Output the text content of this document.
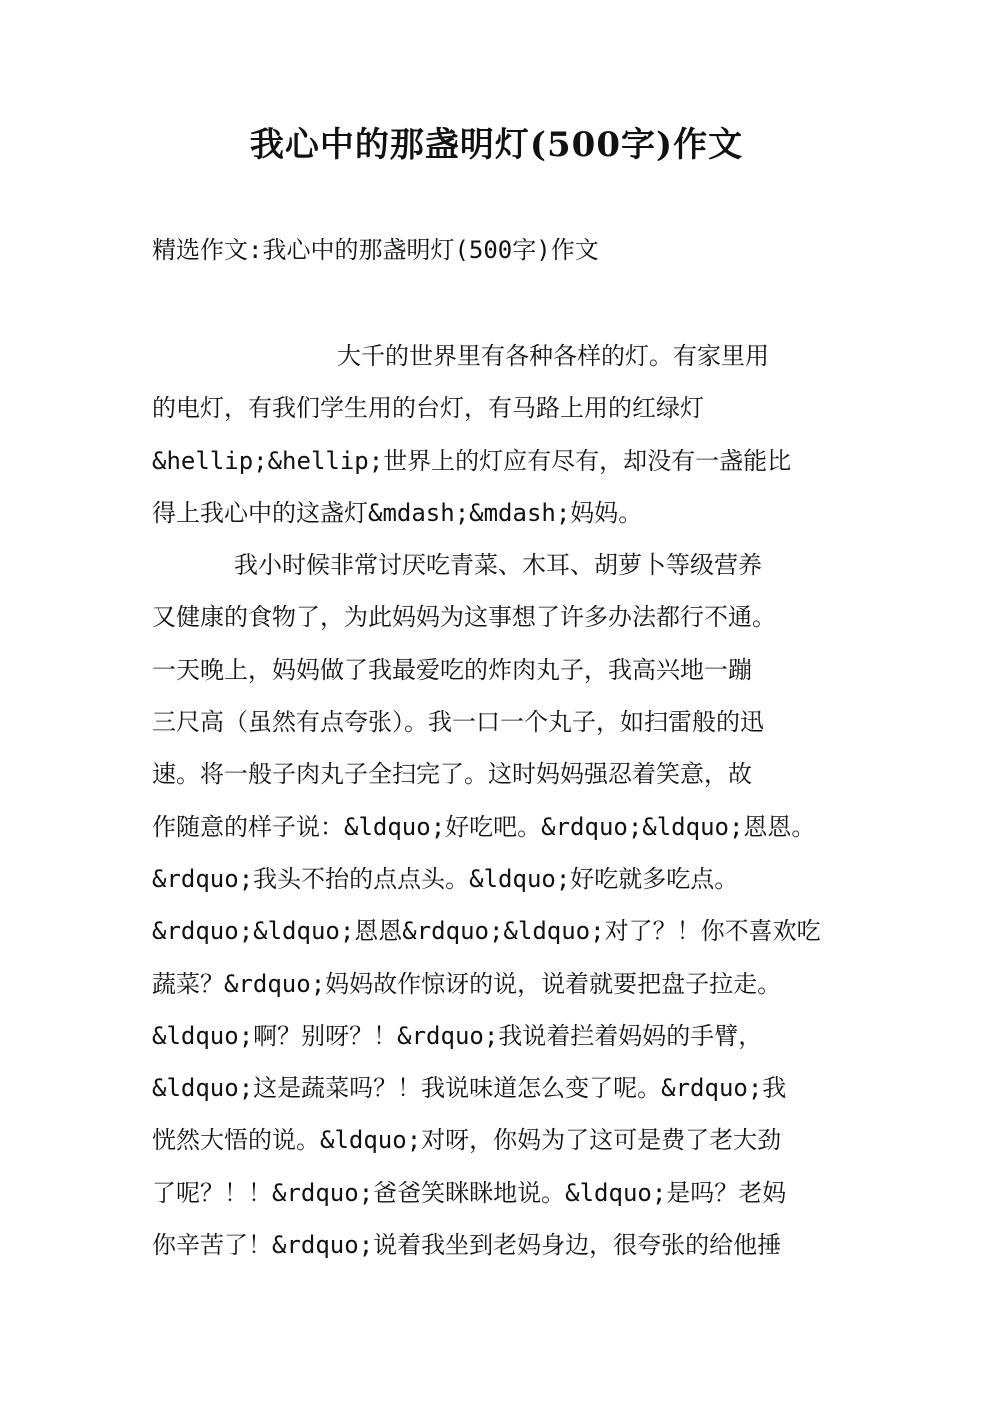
我心中的那盏明灯(500字)作文

精选作文:我心中的那盏明灯(500字)作文

大千的世界里有各种各样的灯。有家里用
的电灯，有我们学生用的台灯，有马路上用的红绿灯
&hellip;&hellip;世界上的灯应有尽有，却没有一盏能比
得上我心中的这盏灯&mdash;&mdash;妈妈。
我小时候非常讨厌吃青菜、木耳、胡萝卜等级营养
又健康的食物了，为此妈妈为这事想了许多办法都行不通。
一天晚上，妈妈做了我最爱吃的炸肉丸子，我高兴地一蹦
三尺高（虽然有点夸张）。我一口一个丸子，如扫雷般的迅
速。将一般子肉丸子全扫完了。这时妈妈强忍着笑意，故
作随意的样子说：&ldquo;好吃吧。&rdquo;&ldquo;恩恩。
&rdquo;我头不抬的点点头。&ldquo;好吃就多吃点。
&rdquo;&ldquo;恩恩&rdquo;&ldquo;对了？！你不喜欢吃
蔬菜？&rdquo;妈妈故作惊讶的说，说着就要把盘子拉走。
&ldquo;啊？别呀？！&rdquo;我说着拦着妈妈的手臂，
&ldquo;这是蔬菜吗？！我说味道怎么变了呢。&rdquo;我
恍然大悟的说。&ldquo;对呀，你妈为了这可是费了老大劲
了呢？！！&rdquo;爸爸笑眯眯地说。&ldquo;是吗？老妈
你辛苦了！&rdquo;说着我坐到老妈身边，很夸张的给他捶
